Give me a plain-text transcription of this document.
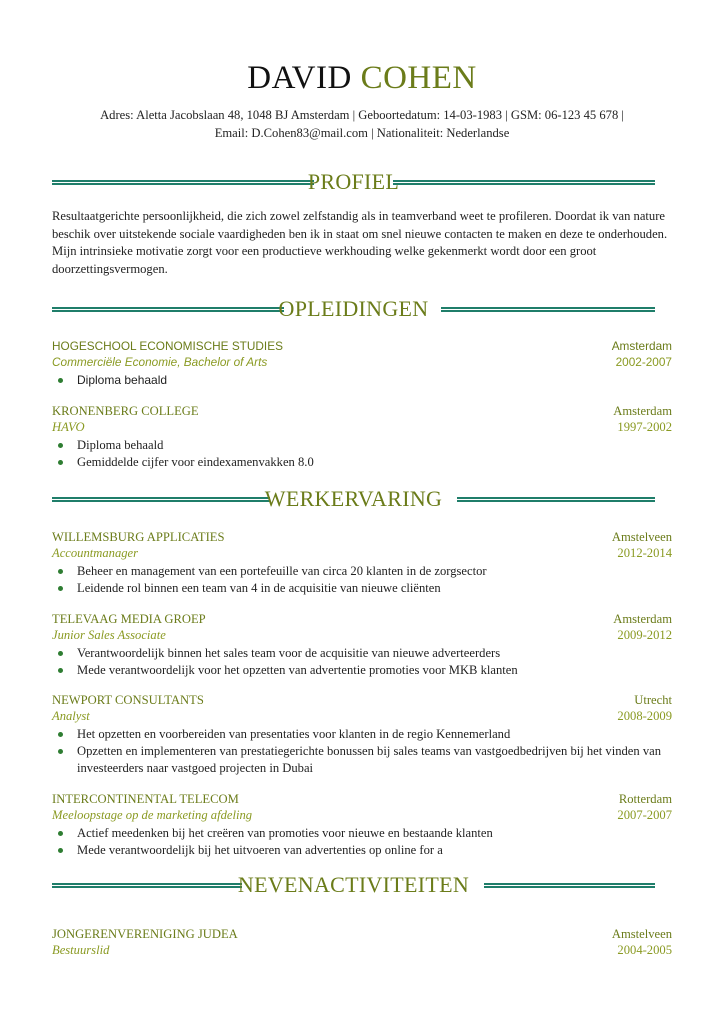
DAVID COHEN
Adres: Aletta Jacobslaan 48, 1048 BJ Amsterdam | Geboortedatum: 14-03-1983 | GSM: 06-123 45 678 |
Email: D.Cohen83@mail.com | Nationaliteit: Nederlandse
PROFIEL
Resultaatgerichte persoonlijkheid, die zich zowel zelfstandig als in teamverband weet te profileren. Doordat ik van nature beschik over uitstekende sociale vaardigheden ben ik in staat om snel nieuwe contacten te maken en deze te onderhouden. Mijn intrinsieke motivatie zorgt voor een productieve werkhouding welke gekenmerkt wordt door een groot doorzettingsvermogen.
OPLEIDINGEN
HOGESCHOOL ECONOMISCHE STUDIES	Amsterdam
Commerciële Economie, Bachelor of Arts	2002-2007
Diploma behaald
KRONENBERG COLLEGE	Amsterdam
HAVO	1997-2002
Diploma behaald
Gemiddelde cijfer voor eindexamenvakken 8.0
WERKERVARING
WILLEMSBURG APPLICATIES	Amstelveen
Accountmanager	2012-2014
Beheer en management van een portefeuille van circa 20 klanten in de zorgsector
Leidende rol binnen een team van 4 in de acquisitie van nieuwe cliënten
TELEVAAG MEDIA GROEP	Amsterdam
Junior Sales Associate	2009-2012
Verantwoordelijk binnen het sales team voor de acquisitie van nieuwe adverteerders
Mede verantwoordelijk voor het opzetten van advertentie promoties voor MKB klanten
NEWPORT CONSULTANTS	Utrecht
Analyst	2008-2009
Het opzetten en voorbereiden van presentaties voor klanten in de regio Kennemerland
Opzetten en implementeren van prestatiegerichte bonussen bij sales teams van vastgoedbedrijven bij het vinden van investeerders naar vastgoed projecten in Dubai
INTERCONTINENTAL TELECOM	Rotterdam
Meeloopstage op de marketing afdeling	2007-2007
Actief meedenken bij het creëren van promoties voor nieuwe en bestaande klanten
Mede verantwoordelijk bij het uitvoeren van advertenties op online for a
NEVENACTIVITEITEN
JONGERENVERENIGING JUDEA	Amstelveen
Bestuurslid	2004-2005
